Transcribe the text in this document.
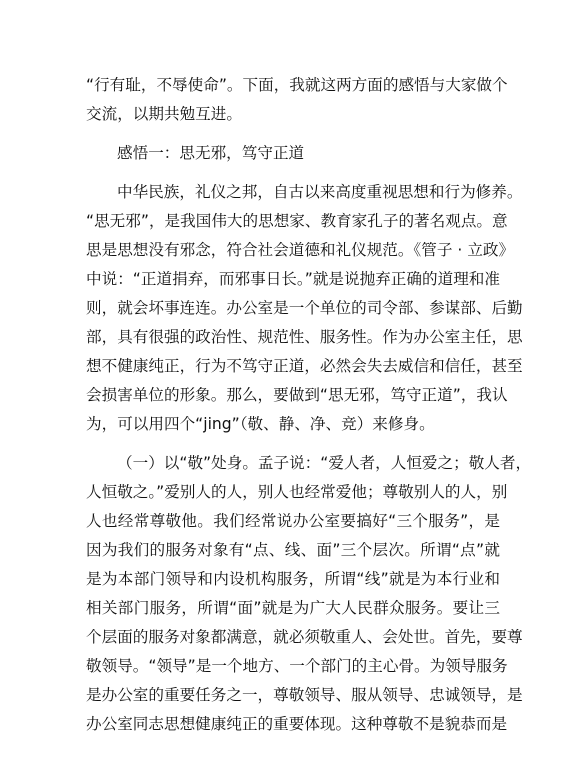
“行有耻，不辱使命”。下面，我就这两方面的感悟与大家做个
交流，以期共勉互进。
感悟一：思无邪，笃守正道
中华民族，礼仪之邦，自古以来高度重视思想和行为修养。
“思无邪”，是我国伟大的思想家、教育家孔子的著名观点。意
思是思想没有邪念，符合社会道德和礼仪规范。《管子 · 立政》
中说：“正道捐弃，而邪事日长。”就是说抛弃正确的道理和准
则，就会坏事连连。办公室是一个单位的司令部、参谋部、后勤
部，具有很强的政治性、规范性、服务性。作为办公室主任，思
想不健康纯正，行为不笃守正道，必然会失去威信和信任，甚至
会损害单位的形象。那么，要做到“思无邪，笃守正道”，我认
为，可以用四个“jing”（敬、静、净、竞）来修身。
（一）以“敬”处身。孟子说：“爱人者，人恒爱之；敬人者，
人恒敬之。”爱别人的人，别人也经常爱他；尊敬别人的人，别
人也经常尊敬他。我们经常说办公室要搞好“三个服务”，是
因为我们的服务对象有“点、线、面”三个层次。所谓“点”就
是为本部门领导和内设机构服务，所谓“线”就是为本行业和
相关部门服务，所谓“面”就是为广大人民群众服务。要让三
个层面的服务对象都满意，就必须敬重人、会处世。首先，要尊
敬领导。“领导”是一个地方、一个部门的主心骨。为领导服务
是办公室的重要任务之一，尊敬领导、服从领导、忠诚领导，是
办公室同志思想健康纯正的重要体现。这种尊敬不是貌恭而是
